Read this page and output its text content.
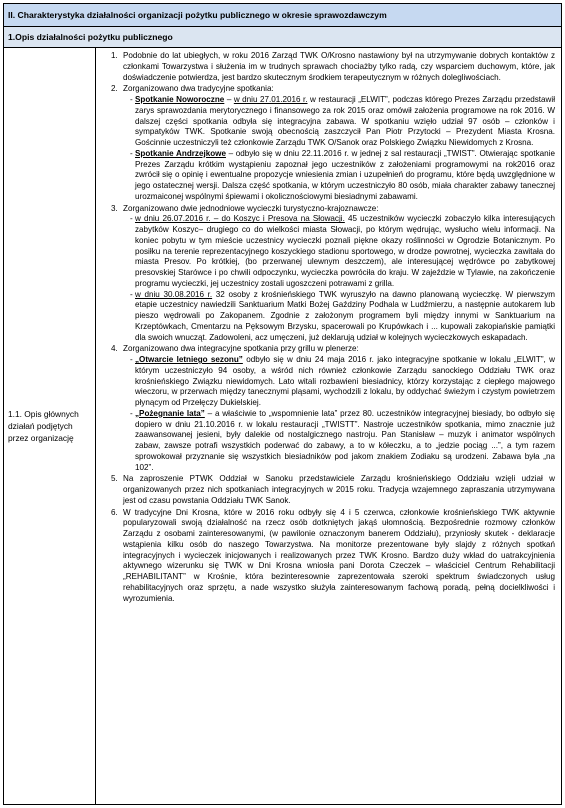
II. Charakterystyka działalności organizacji pożytku publicznego w okresie sprawozdawczym
1.Opis działalności pożytku publicznego
1.1. Opis głównych działań podjętych przez organizację
1. Podobnie do lat ubiegłych, w roku 2016 Zarząd TWK O/Krosno nastawiony był na utrzymywanie dobrych kontaktów z członkami Towarzystwa i służenia im w trudnych sprawach chociażby tylko radą, czy wsparciem duchowym, które, jak doświadczenie potwierdza, jest bardzo skutecznym środkiem terapeutycznym w różnych dolegliwościach.
2. Zorganizowano dwa tradycyjne spotkania:
- Spotkanie Noworoczne – w dniu 27.01.2016 r. w restauracji „ELWIT”, podczas którego Prezes Zarządu przedstawił zarys sprawozdania merytorycznego i finansowego za rok 2015 oraz omówił założenia programowe na rok 2016. W dalszej części spotkania odbyła się integracyjna zabawa. W spotkaniu wzięło udział 97 osób – członków i sympatyków TWK. Spotkanie swoją obecnością zaszczycił Pan Piotr Przytocki – Prezydent Miasta Krosna. Gościnnie uczestniczyli też członkowie Zarządu TWK O/Sanok oraz Polskiego Związku Niewidomych z Krosna.
- Spotkanie Andrzejkowe – odbyło się w dniu 22.11.2016 r. w jednej z sal restauracji „TWIST”. Otwierając spotkanie Prezes Zarządu krótkim wystąpieniu zapoznał jego uczestników z założeniami programowymi na rok2016 oraz zwrócił się o opinię i ewentualne propozycje wniesienia zmian i uzupełnień do programu, które będą uwzględnione w jego ostatecznej wersji. Dalsza część spotkania, w którym uczestniczyło 80 osób, miała charakter zabawy tanecznej urozmaiconej wspólnymi śpiewami i okolicznościowymi biesiadnymi zabawami.
3. Zorganizowano dwie jednodniowe wycieczki turystyczno-krajoznawcze:
- w dniu 26.07.2016 r. – do Koszyc i Presova na Słowacji. 45 uczestników wycieczki zobaczyło kilka interesujących zabytków Koszyc– drugiego co do wielkości miasta Słowacji, po którym wędrując, wysłucho wielu informacji. Na koniec pobytu w tym mieście uczestnicy wycieczki poznali piękne okazy roślinności w Ogrodzie Botanicznym. Po posiłku na terenie reprezentacyjnego koszyckiego stadionu sportowego, w drodze powrotnej, wycieczka zawitała do miasta Presov. Po krótkiej, (bo przerwanej ulewnym deszczem), ale interesującej wędrówce po zabytkowej presovskiej Starówce i po chwili odpoczynku, wycieczka powróciła do kraju. W zajeździe w Tylawie, na zakończenie programu wycieczki, jej uczestnicy zostali ugoszczeni potrawami z grilla.
- w dniu 30.08.2016 r. 32 osoby z krośnieńskiego TWK wyruszyło na dawno planowaną wycieczkę. W pierwszym etapie uczestnicy nawiedzili Sanktuarium Matki Bożej Gaździny Podhala w Ludźmierzu, a następnie autokarem lub pieszo wędrowali po Zakopanem. Zgodnie z założonym programem byli między innymi w Sanktuarium na Krzeptówkach, Cmentarzu na Pęksowym Brzysku, spacerowali po Krupówkach i ... kupowali zakopiańskie pamiątki dla swoich wnucząt. Zadowoleni, acz umęczeni, już deklarują udział w kolejnych wycieczkowych eskapadach.
4. Zorganizowano dwa integracyjne spotkania przy grillu w plenerze:
- „Otwarcie letniego sezonu” odbyło się w dniu 24 maja 2016 r. jako integracyjne spotkanie w lokalu „ELWIT”, w którym uczestniczyło 94 osoby, a wśród nich również członkowie Zarządu sanockiego Oddziału TWK oraz krośnieńskiego Związku niewidomych. Lato witali rozbawieni biesiadnicy, którzy korzystając z ciepłego majowego wieczoru, w przerwach między tanecznymi pląsami, wychodzili z lokalu, by oddychać świeżym i czystym powietrzem płynącym od Przełęczy Dukielskiej.
- „Pożegnanie lata” – a właściwie to „wspomnienie lata” przez 80. uczestników integracyjnej biesiady, bo odbyło się dopiero w dniu 21.10.2016 r. w lokalu restauracji „TWISTT”. Nastroje uczestników spotkania, mimo znacznie już zaawansowanej jesieni, były dalekie od nostalgicznego nastroju. Pan Stanisław – muzyk i animator wspólnych zabaw, zawsze potrafi wszystkich poderwać do zabawy, a to w kółeczku, a to „jedzie pociąg ...”, a tym razem sprowokował przyznanie się wszystkich biesiadników pod jakom znakiem Zodiaku są urodzeni. Zabawa była „na 102”.
5. Na zaproszenie PTWK Oddział w Sanoku przedstawiciele Zarządu krośnieńskiego Oddziału wzięli udział w organizowanych przez nich spotkaniach integracyjnych w 2015 roku. Tradycja wzajemnego zapraszania utrzymywana jest od czasu powstania Oddziału TWK Sanok.
6. W tradycyjne Dni Krosna, które w 2016 roku odbyły się 4 i 5 czerwca, członkowie krośnieńskiego TWK aktywnie popularyzowali swoją działalność na rzecz osób dotkniętych jakąś ułomnością. Bezpośrednie rozmowy członków Zarządu z osobami zainteresowanymi, (w pawilonie oznaczonym banerem Oddziału), przyniosły skutek - deklaracje wstąpienia kilku osób do naszego Towarzystwa. Na monitorze prezentowane były slajdy z różnych spotkań integracyjnych i wycieczek inicjowanych i realizowanych przez TWK Krosno. Bardzo duży wkład do uatrakcyjnienia aktywnego wizerunku się TWK w Dni Krosna wniosła pani Dorota Czeczek – właściciel Centrum Rehabilitacji „REHABILITANT” w Krośnie, która bezinteresownie zaprezentowała szeroki spektrum świadczonych usług rehabilitacyjnych oraz sprzętu, a nade wszystko służyła zainteresowanym fachową poradą, pełną docielkliwości i wyrozumienia.
